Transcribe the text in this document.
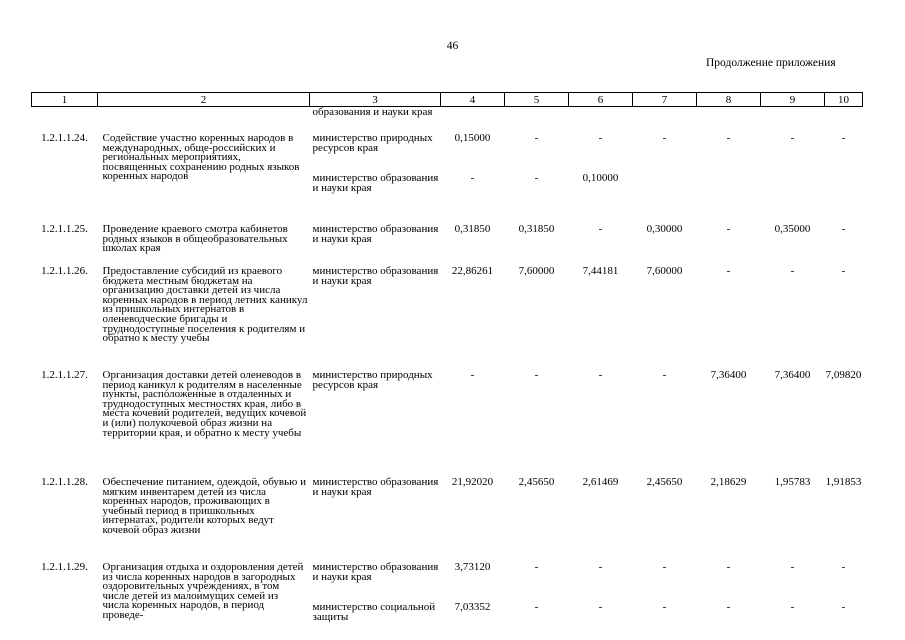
46
Продолжение приложения
1	2	3	4	5	6	7	8	9	10
		образования и науки края							
1.2.1.1.24.	Содействие участно коренных народов в международных, обще-российских и региональных мероприятиях, посвященных сохранению родных языков коренных народов	министерство природных ресурсов края	0,15000	-	-	-	-	-	-
		министерство образования и науки края	-	-	0,10000				
1.2.1.1.25.	Проведение краевого смотра кабинетов родных языков в общеобразовательных школах края	министерство образования и науки края	0,31850	0,31850	-	0,30000	-	0,35000	-
1.2.1.1.26.	Предоставление субсидий из краевого бюджета местным бюджетам на организацию доставки детей из числа коренных народов в период летних каникул из пришкольных интернатов в оленеводческие бригады и труднодоступные поселения к родителям и обратно к месту учебы	министерство образования и науки края	22,86261	7,60000	7,44181	7,60000	-	-	-
1.2.1.1.27.	Организация доставки детей оленеводов в период каникул к родителям в населенные пункты, расположенные в отдаленных и труднодоступных местностях края, либо в места кочевий родителей, ведущих кочевой и (или) полукочевой образ жизни на территории края, и обратно к месту учебы	министерство природных ресурсов края	-	-	-	-	7,36400	7,36400	7,09820
1.2.1.1.28.	Обеспечение питанием, одеждой, обувью и мягким инвентарем детей из числа коренных народов, проживающих в учебный период в пришкольных интернатах, родители которых ведут кочевой образ жизни	министерство образования и науки края	21,92020	2,45650	2,61469	2,45650	2,18629	1,95783	1,91853
1.2.1.1.29.	Организация отдыха и оздоровления детей из числа коренных народов в загородных оздоровительных учреждениях, в том числе детей из малоимущих семей из числа коренных народов, в период проведе-	министерство образования и науки края	3,73120	-	-	-	-	-	-
		министерство социальной защиты	7,03352	-	-	-	-	-	-
